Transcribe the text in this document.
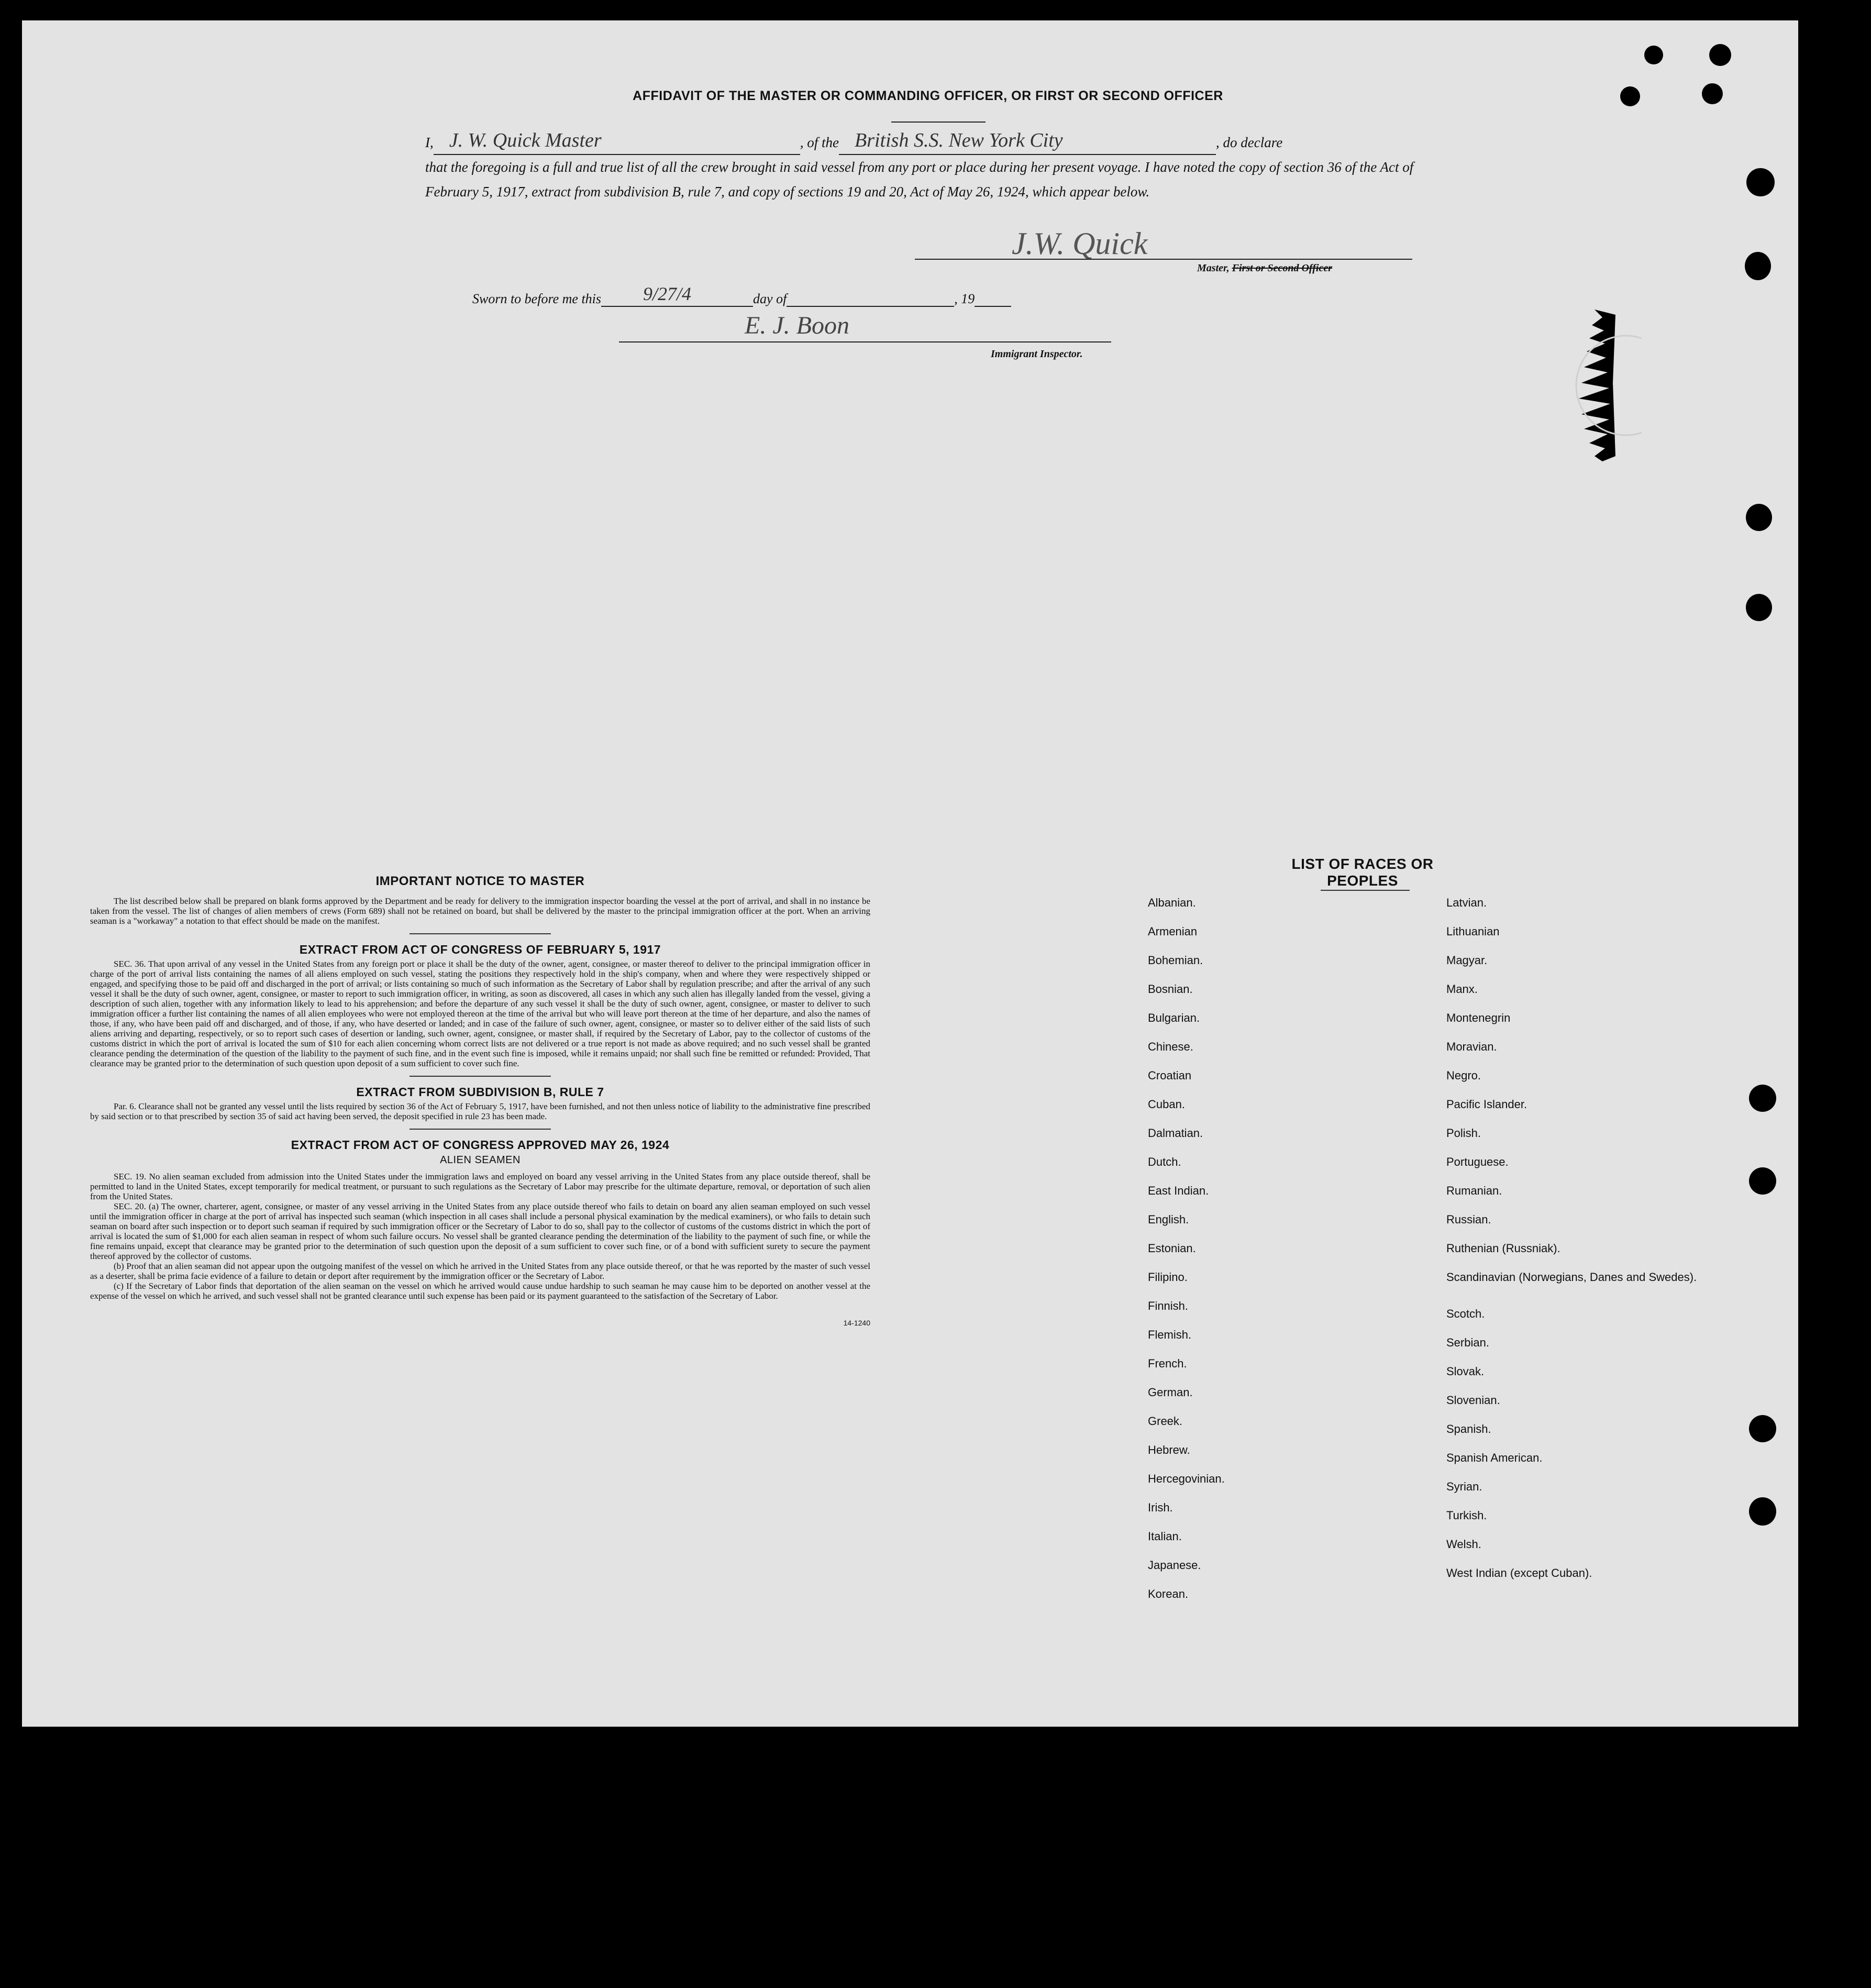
AFFIDAVIT OF THE MASTER OR COMMANDING OFFICER, OR FIRST OR SECOND OFFICER
I, J. W. Quick Master	, of the British S.S. New York City	, do declare
that the foregoing is a full and true list of all the crew brought in said vessel from any port or place during her present voyage. I have noted the copy of section 36 of the Act of February 5, 1917, extract from subdivision B, rule 7, and copy of sections 19 and 20, Act of May 26, 1924, which appear below.
J.W. Quick
Master, First or Second Officer
Sworn to before me this 9/27/4	day of	, 19
E. J. Boon
Immigrant Inspector.
IMPORTANT NOTICE TO MASTER

The list described below shall be prepared on blank forms approved by the Department and be ready for delivery to the immigration inspector boarding the vessel at the port of arrival, and shall in no instance be taken from the vessel. The list of changes of alien members of crews (Form 689) shall not be retained on board, but shall be delivered by the master to the principal immigration officer at the port. When an arriving seaman is a "workaway" a notation to that effect should be made on the manifest.

EXTRACT FROM ACT OF CONGRESS OF FEBRUARY 5, 1917

SEC. 36. That upon arrival of any vessel in the United States from any foreign port or place it shall be the duty of the owner, agent, consignee, or master thereof to deliver to the principal immigration officer in charge of the port of arrival lists containing the names of all aliens employed on such vessel, stating the positions they respectively hold in the ship's company, when and where they were respectively shipped or engaged, and specifying those to be paid off and discharged in the port of arrival; or lists containing so much of such information as the Secretary of Labor shall by regulation prescribe; and after the arrival of any such vessel it shall be the duty of such owner, agent, consignee, or master to report to such immigration officer, in writing, as soon as discovered, all cases in which any such alien has illegally landed from the vessel, giving a description of such alien, together with any information likely to lead to his apprehension; and before the departure of any such vessel it shall be the duty of such owner, agent, consignee, or master to deliver to such immigration officer a further list containing the names of all alien employees who were not employed thereon at the time of the arrival but who will leave port thereon at the time of her departure, and also the names of those, if any, who have been paid off and discharged, and of those, if any, who have deserted or landed; and in case of the failure of such owner, agent, consignee, or master so to deliver either of the said lists of such aliens arriving and departing, respectively, or so to report such cases of desertion or landing, such owner, agent, consignee, or master shall, if required by the Secretary of Labor, pay to the collector of customs of the customs district in which the port of arrival is located the sum of $10 for each alien concerning whom correct lists are not delivered or a true report is not made as above required; and no such vessel shall be granted clearance pending the determination of the question of the liability to the payment of such fine, and in the event such fine is imposed, while it remains unpaid; nor shall such fine be remitted or refunded: Provided, That clearance may be granted prior to the determination of such question upon deposit of a sum sufficient to cover such fine.

EXTRACT FROM SUBDIVISION B, RULE 7

Par. 6. Clearance shall not be granted any vessel until the lists required by section 36 of the Act of February 5, 1917, have been furnished, and not then unless notice of liability to the administrative fine prescribed by said section or to that prescribed by section 35 of said act having been served, the deposit specified in rule 23 has been made.

EXTRACT FROM ACT OF CONGRESS APPROVED MAY 26, 1924
ALIEN SEAMEN

SEC. 19. No alien seaman excluded from admission into the United States under the immigration laws and employed on board any vessel arriving in the United States from any place outside thereof, shall be permitted to land in the United States, except temporarily for medical treatment, or pursuant to such regulations as the Secretary of Labor may prescribe for the ultimate departure, removal, or deportation of such alien from the United States.

SEC. 20. (a) The owner, charterer, agent, consignee, or master of any vessel arriving in the United States from any place outside thereof who fails to detain on board any alien seaman employed on such vessel until the immigration officer in charge at the port of arrival has inspected such seaman (which inspection in all cases shall include a personal physical examination by the medical examiners), or who fails to detain such seaman on board after such inspection or to deport such seaman if required by such immigration officer or the Secretary of Labor to do so, shall pay to the collector of customs of the customs district in which the port of arrival is located the sum of $1,000 for each alien seaman in respect of whom such failure occurs. No vessel shall be granted clearance pending the determination of the liability to the payment of such fine, or while the fine remains unpaid, except that clearance may be granted prior to the determination of such question upon the deposit of a sum sufficient to cover such fine, or of a bond with sufficient surety to secure the payment thereof approved by the collector of customs.

(b) Proof that an alien seaman did not appear upon the outgoing manifest of the vessel on which he arrived in the United States from any place outside thereof, or that he was reported by the master of such vessel as a deserter, shall be prima facie evidence of a failure to detain or deport after requirement by the immigration officer or the Secretary of Labor.

(c) If the Secretary of Labor finds that deportation of the alien seaman on the vessel on which he arrived would cause undue hardship to such seaman he may cause him to be deported on another vessel at the expense of the vessel on which he arrived, and such vessel shall not be granted clearance until such expense has been paid or its payment guaranteed to the satisfaction of the Secretary of Labor.

14-1240
LIST OF RACES OR PEOPLES
Albanian.
Armenian
Bohemian.
Bosnian.
Bulgarian.
Chinese.
Croatian
Cuban.
Dalmatian.
Dutch.
East Indian.
English.
Estonian.
Filipino.
Finnish.
Flemish.
French.
German.
Greek.
Hebrew.
Hercegovinian.
Irish.
Italian.
Japanese.
Korean.
Latvian.
Lithuanian
Magyar.
Manx.
Montenegrin
Moravian.
Negro.
Pacific Islander.
Polish.
Portuguese.
Rumanian.
Russian.
Ruthenian (Russniak).
Scandinavian (Norwegians, Danes and Swedes).
Scotch.
Serbian.
Slovak.
Slovenian.
Spanish.
Spanish American.
Syrian.
Turkish.
Welsh.
West Indian (except Cuban).
